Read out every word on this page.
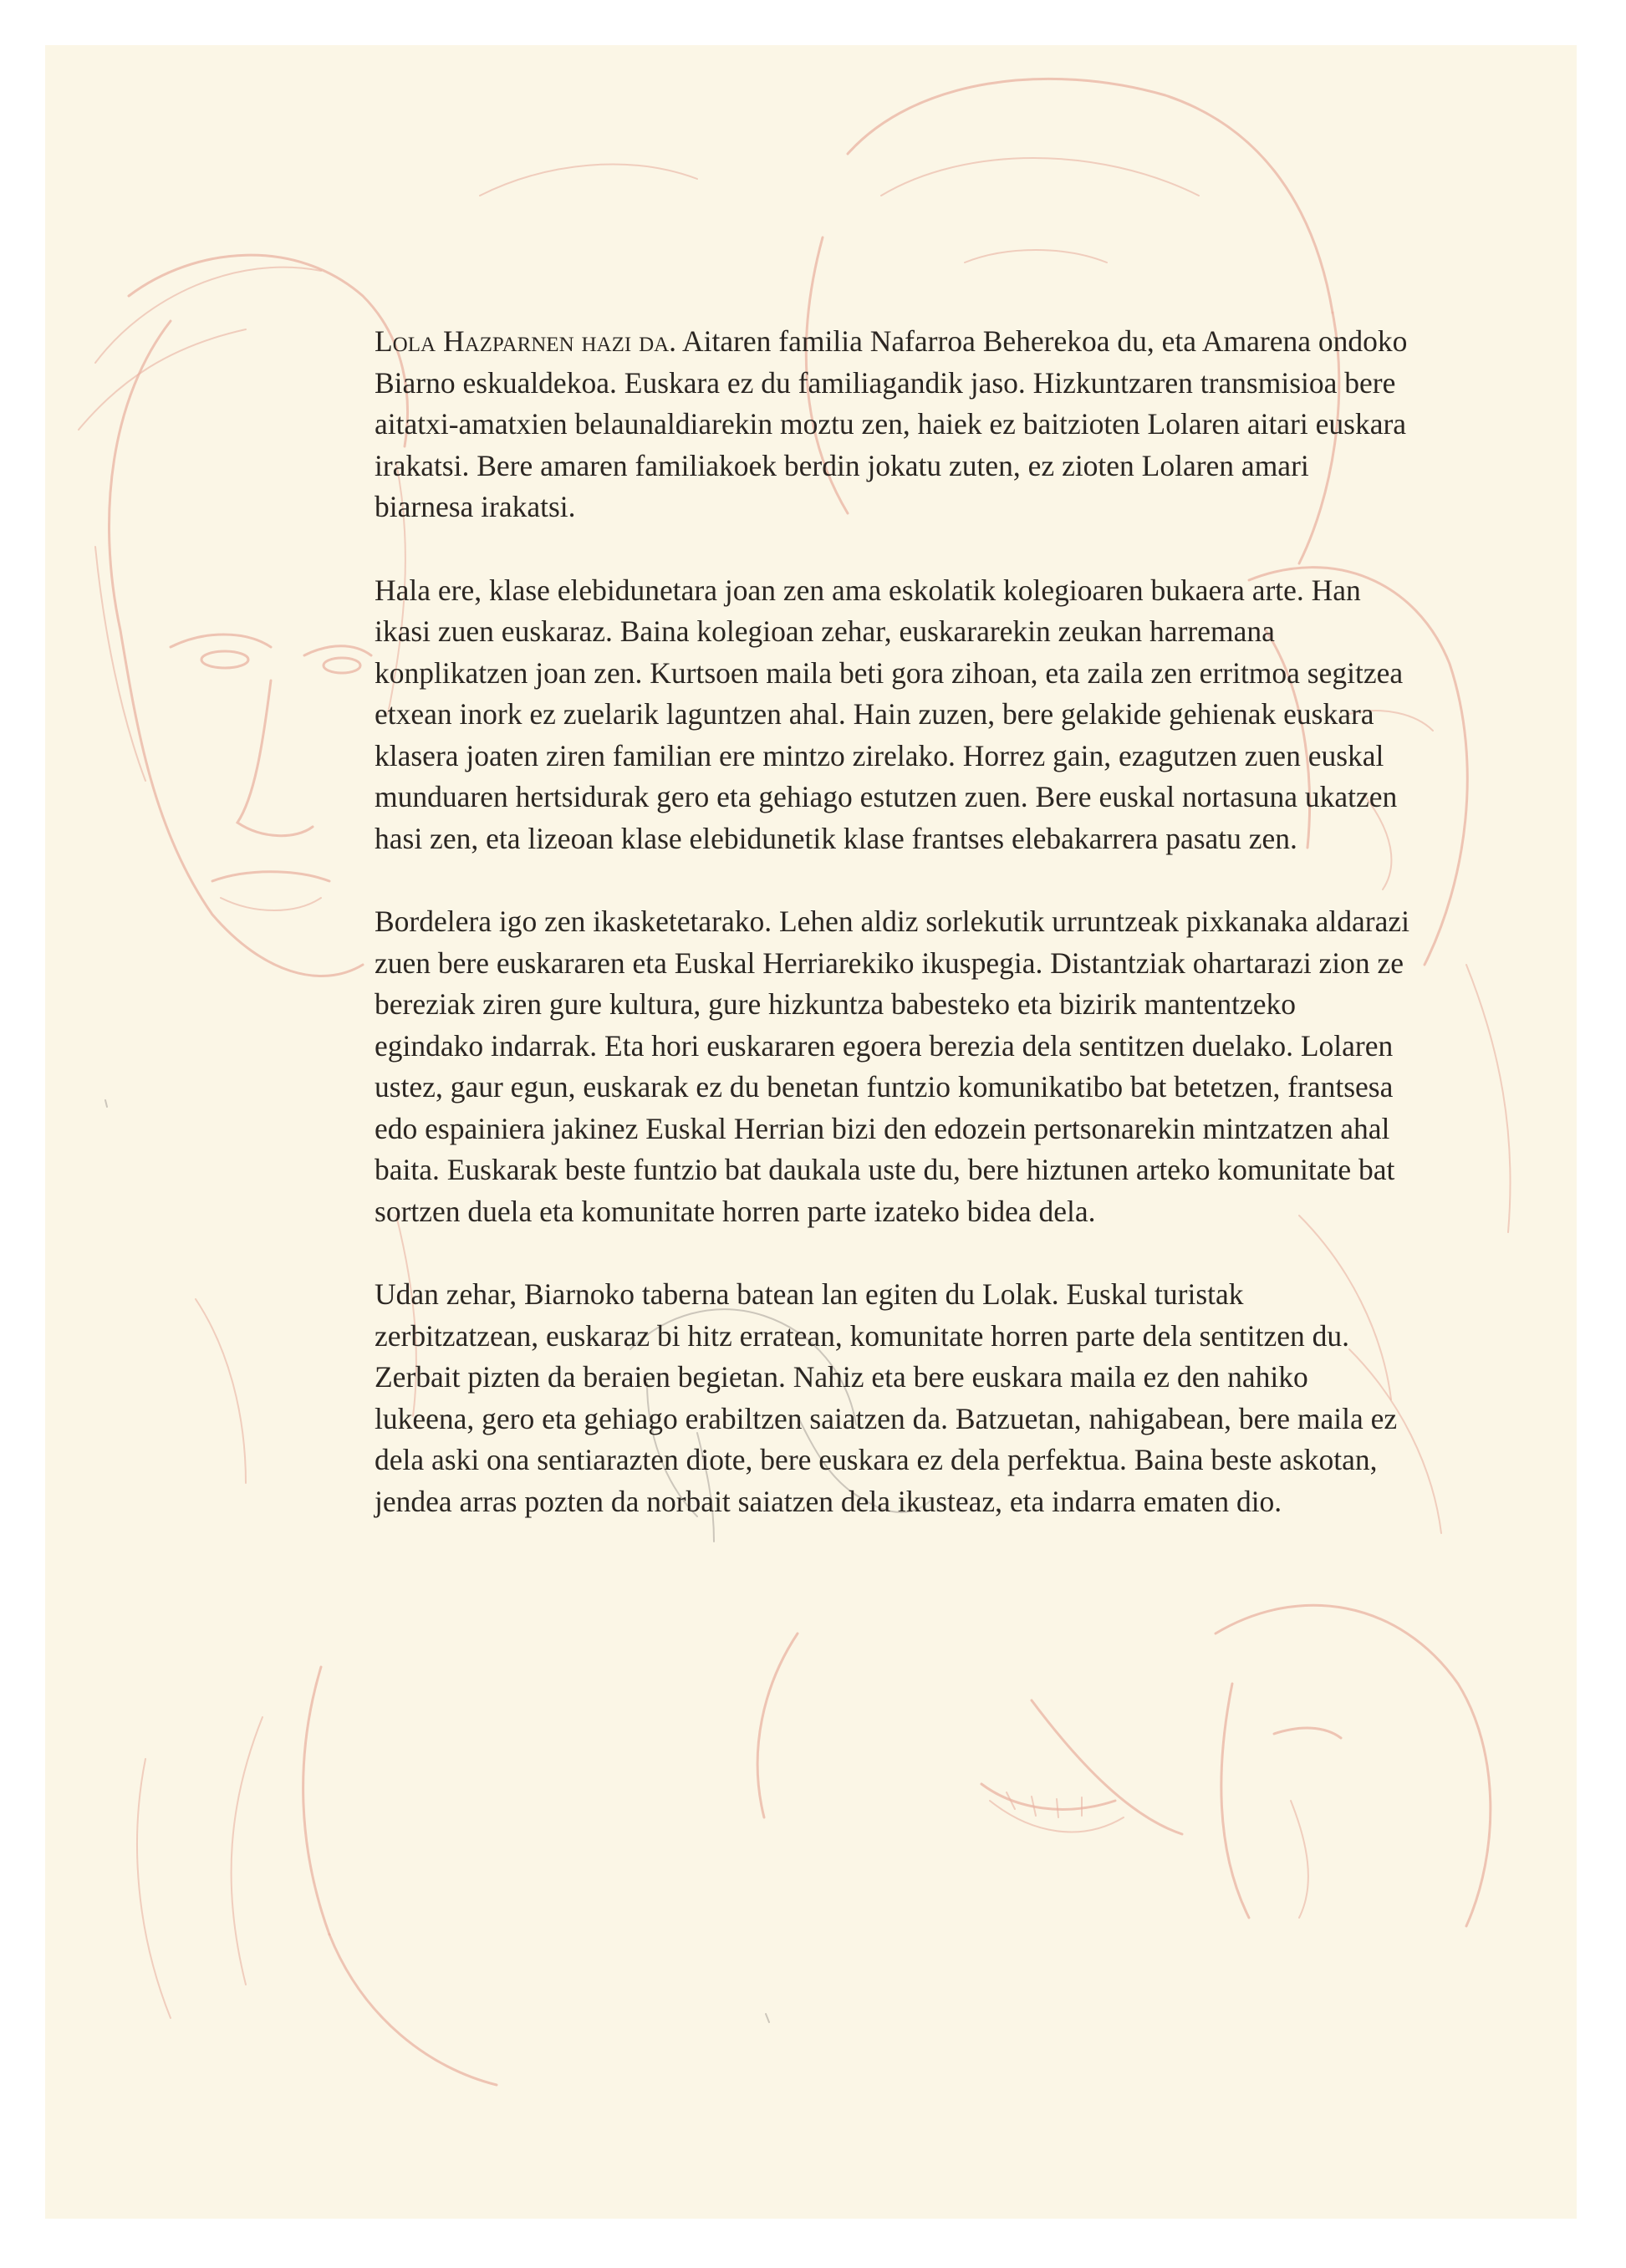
Lola Hazparnen hazi da. Aitaren familia Nafarroa Beherekoa du, eta Amarena ondoko Biarno eskualdekoa. Euskara ez du familiagandik jaso. Hizkuntzaren transmisioa bere aitatxi-amatxien belaunaldiarekin moztu zen, haiek ez baitzioten Lolaren aitari euskara irakatsi. Bere amaren familiakoek berdin jokatu zuten, ez zioten Lolaren amari biarnesa irakatsi.

Hala ere, klase elebidunetara joan zen ama eskolatik kolegioaren bukaera arte. Han ikasi zuen euskaraz. Baina kolegioan zehar, euskararekin zeukan harremana konplikatzen joan zen. Kurtsoen maila beti gora zihoan, eta zaila zen erritmoa segitzea etxean inork ez zuelarik laguntzen ahal. Hain zuzen, bere gelakide gehienak euskara klasera joaten ziren familian ere mintzo zirelako. Horrez gain, ezagutzen zuen euskal munduaren hertsidurak gero eta gehiago estutzen zuen. Bere euskal nortasuna ukatzen hasi zen, eta lizeoan klase elebidunetik klase frantses elebakarrera pasatu zen.

Bordelera igo zen ikasketetarako. Lehen aldiz sorlekutik urruntzeak pixkanaka aldarazi zuen bere euskararen eta Euskal Herriarekiko ikuspegia. Distantziak ohartarazi zion ze bereziak ziren gure kultura, gure hizkuntza babesteko eta bizirik mantentzeko egindako indarrak. Eta hori euskararen egoera berezia dela sentitzen duelako. Lolaren ustez, gaur egun, euskarak ez du benetan funtzio komunikatibo bat betetzen, frantsesa edo espainiera jakinez Euskal Herrian bizi den edozein pertsonarekin mintzatzen ahal baita. Euskarak beste funtzio bat daukala uste du, bere hiztunen arteko komunitate bat sortzen duela eta komunitate horren parte izateko bidea dela.

Udan zehar, Biarnoko taberna batean lan egiten du Lolak. Euskal turistak zerbitzatzean, euskaraz bi hitz erratean, komunitate horren parte dela sentitzen du. Zerbait pizten da beraien begietan. Nahiz eta bere euskara maila ez den nahiko lukeena, gero eta gehiago erabiltzen saiatzen da. Batzuetan, nahigabean, bere maila ez dela aski ona sentiarazten diote, bere euskara ez dela perfektua. Baina beste askotan, jendea arras pozten da norbait saiatzen dela ikusteaz, eta indarra ematen dio.
